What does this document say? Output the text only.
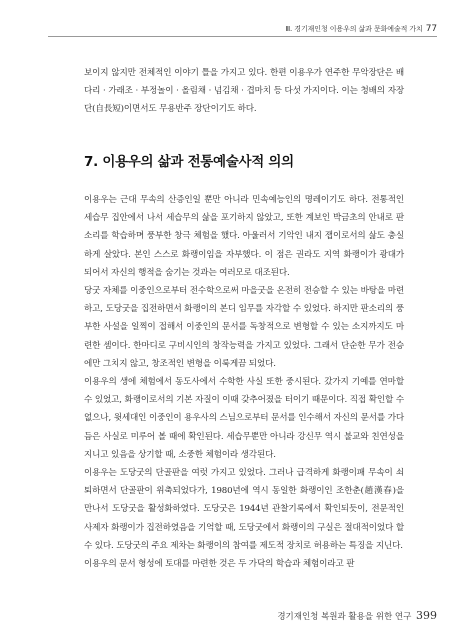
Ⅲ. 경기재인청 이용우의 삶과 문화예술적 가치 77

보이지 않지만 전체적인 이야기 틀을 가지고 있다. 한편 이용우가 연주한 무악장단은 배다리 · 가래조 · 부정놀이 · 올림채 · 넘김채 · 겹마치 등 다섯 가지이다. 이는 청배의 자장단(自長短)이면서도 무용반주 장단이기도 하다.

7. 이용우의 삶과 전통예술사적 의의

이용우는 근대 무속의 산증인일 뿐만 아니라 민속예능인의 명레이기도 하다. 전통적인 세습무 집안에서 나서 세습무의 삶을 포기하지 않았고, 또한 계보인 박금초의 안내로 판소리를 학습하며 풍부한 창극 체험을 했다. 아울러서 기악인 내지 잽이로서의 삶도 충실하게 살았다. 본인 스스로 화랭이임을 자부했다. 이 점은 권라도 지역 화랭이가 광대가 되어서 자신의 행적을 숨기는 것과는 여러모로 대조된다.

당굿 자체를 이중인으로부터 전수학으로써 마을굿을 온전히 전승할 수 있는 바탕을 마련하고, 도당굿을 집전하면서 화랭이의 본디 임무를 자각할 수 있었다. 하지만 판소리의 풍부한 사설을 일찍이 접해서 이중인의 문서를 독창적으로 변형할 수 있는 소지까지도 마련한 셈이다. 한마디로 구비시인의 창작능력을 가지고 있었다. 그래서 단순한 무가 전승에만 그치지 않고, 창조적인 변형을 이룩게끔 되었다.

이용우의 생에 체험에서 동도사에서 수학한 사실 또한 중시된다. 갔가지 기예를 연마할 수 있었고, 화랭이로서의 기본 자질이 이때 갖추어졌을 터이기 때문이다. 직접 확인할 수 없으나, 윗세대인 이중인이 용우사의 스님으로부터 문서를 인수해서 자신의 문서를 가다듬은 사실로 미루어 볼 때에 확인된다. 세습무뿐만 아니라 강신무 역시 불교와 친연성을 지니고 있음을 상기할 때, 소중한 체험이라 생각된다.

이용우는 도당굿의 단골판을 여럿 가지고 있었다. 그러나 급격하게 화랭이패 무속이 쇠퇴하면서 단골판이 위축되었다가, 1980년에 역시 동일한 화랭이인 조한춘(趙漢春)을 만나서 도당굿을 활성화하였다. 도당굿은 1944년 관찰기록에서 확인되듯이, 전문적인 사제자 화랭이가 집전하였음을 기억할 때, 도당굿에서 화랭이의 구실은 절대적이었다 할 수 있다. 도당굿의 주요 제차는 화랭이의 참여를 제도적 장치로 허용하는 특징을 지닌다.

이용우의 문서 형성에 토대를 마련한 것은 두 가닥의 학습과 체험이라고 판

경기재인청 복원과 활용을 위한 연구 399
